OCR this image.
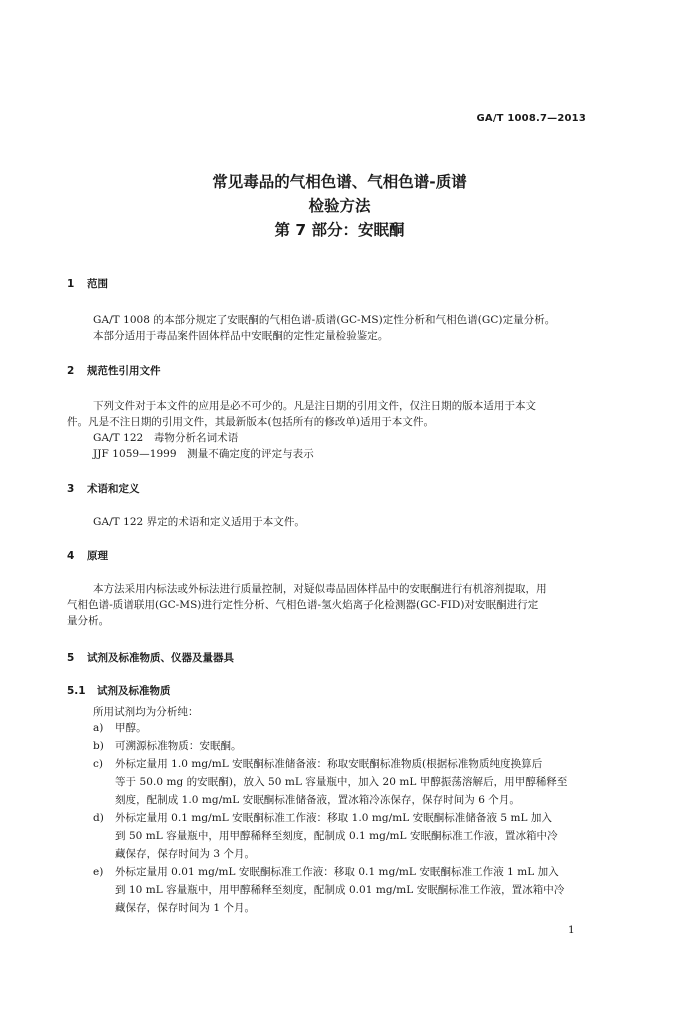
GA/T 1008.7—2013
常见毒品的气相色谱、气相色谱-质谱
检验方法
第 7 部分：安眠酮
1 范围
GA/T 1008 的本部分规定了安眠酮的气相色谱-质谱(GC-MS)定性分析和气相色谱(GC)定量分析。
本部分适用于毒品案件固体样品中安眠酮的定性定量检验鉴定。
2 规范性引用文件
下列文件对于本文件的应用是必不可少的。凡是注日期的引用文件，仅注日期的版本适用于本文
件。凡是不注日期的引用文件，其最新版本(包括所有的修改单)适用于本文件。
GA/T 122　毒物分析名词术语
JJF 1059—1999　测量不确定度的评定与表示
3 术语和定义
GA/T 122 界定的术语和定义适用于本文件。
4 原理
本方法采用内标法或外标法进行质量控制，对疑似毒品固体样品中的安眠酮进行有机溶剂提取，用
气相色谱-质谱联用(GC-MS)进行定性分析、气相色谱-氢火焰离子化检测器(GC-FID)对安眠酮进行定
量分析。
5 试剂及标准物质、仪器及量器具
5.1 试剂及标准物质
所用试剂均为分析纯：
a) 甲醇。
b) 可溯源标准物质：安眠酮。
c) 外标定量用 1.0 mg/mL 安眠酮标准储备液：称取安眠酮标准物质(根据标准物质纯度换算后
等于 50.0 mg 的安眠酮)，放入 50 mL 容量瓶中，加入 20 mL 甲醇振荡溶解后，用甲醇稀释至
刻度，配制成 1.0 mg/mL 安眠酮标准储备液，置冰箱冷冻保存，保存时间为 6 个月。
d) 外标定量用 0.1 mg/mL 安眠酮标准工作液：移取 1.0 mg/mL 安眠酮标准储备液 5 mL 加入
到 50 mL 容量瓶中，用甲醇稀释至刻度，配制成 0.1 mg/mL 安眠酮标准工作液，置冰箱中冷
藏保存，保存时间为 3 个月。
e) 外标定量用 0.01 mg/mL 安眠酮标准工作液：移取 0.1 mg/mL 安眠酮标准工作液 1 mL 加入
到 10 mL 容量瓶中，用甲醇稀释至刻度，配制成 0.01 mg/mL 安眠酮标准工作液，置冰箱中冷
藏保存，保存时间为 1 个月。
1
